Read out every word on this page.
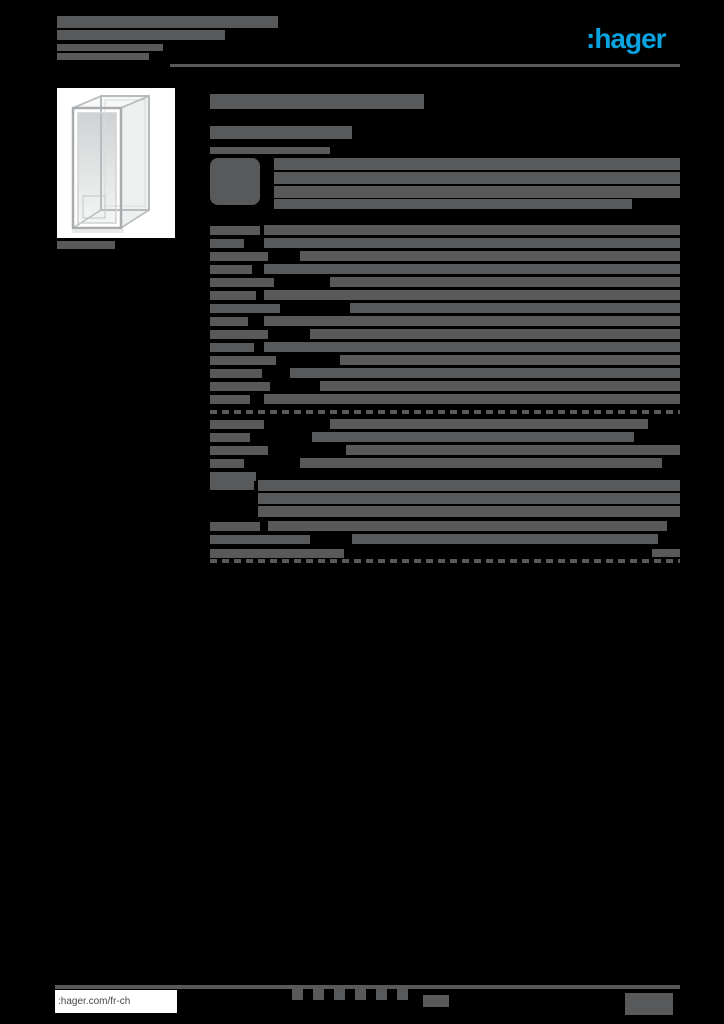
:hager
:hager.com/fr-ch
